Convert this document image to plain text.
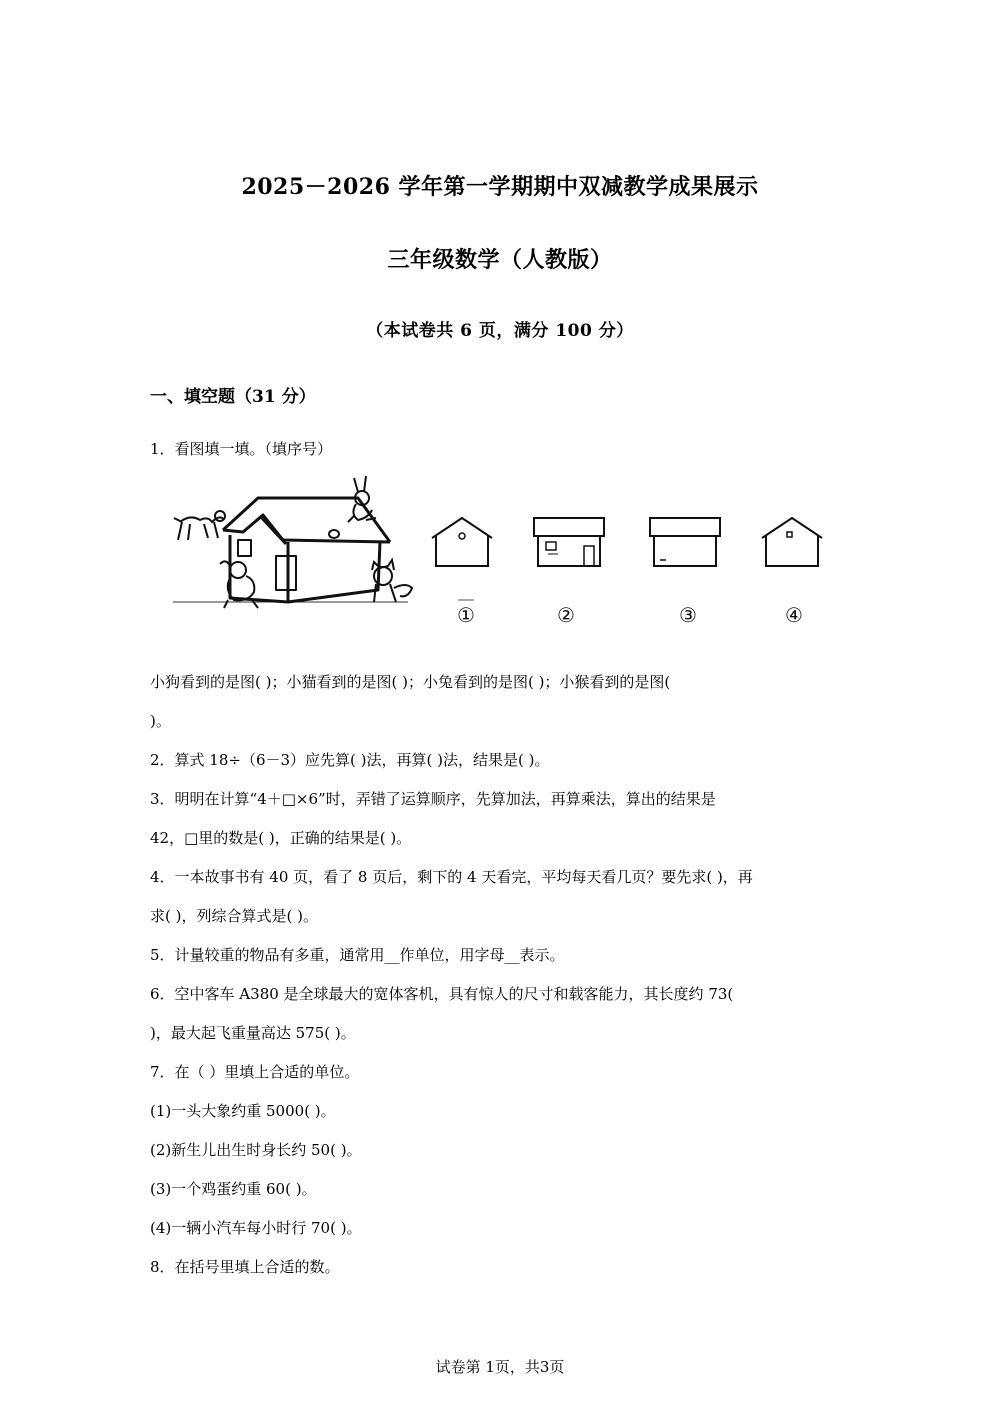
2025－2026 学年第一学期期中双减教学成果展示
三年级数学（人教版）
（本试卷共 6 页，满分 100 分）
一、填空题（31 分）
1．看图填一填。（填序号）
①	②	③	④
小狗看到的是图( )；小猫看到的是图( )；小兔看到的是图( )；小猴看到的是图(
)。
2．算式 18÷（6－3）应先算( )法，再算( )法，结果是( )。
3．明明在计算“4＋□×6”时，弄错了运算顺序，先算加法，再算乘法，算出的结果是
42，□里的数是( )，正确的结果是( )。
4．一本故事书有 40 页，看了 8 页后，剩下的 4 天看完，平均每天看几页？要先求( )，再
求( )，列综合算式是( )。
5．计量较重的物品有多重，通常用__作单位，用字母__表示。
6．空中客车 A380 是全球最大的宽体客机，具有惊人的尺寸和载客能力，其长度约 73(
)，最大起飞重量高达 575( )。
7．在（ ）里填上合适的单位。
(1)一头大象约重 5000( )。
(2)新生儿出生时身长约 50( )。
(3)一个鸡蛋约重 60( )。
(4)一辆小汽车每小时行 70( )。
8．在括号里填上合适的数。
试卷第 1页，共3页
